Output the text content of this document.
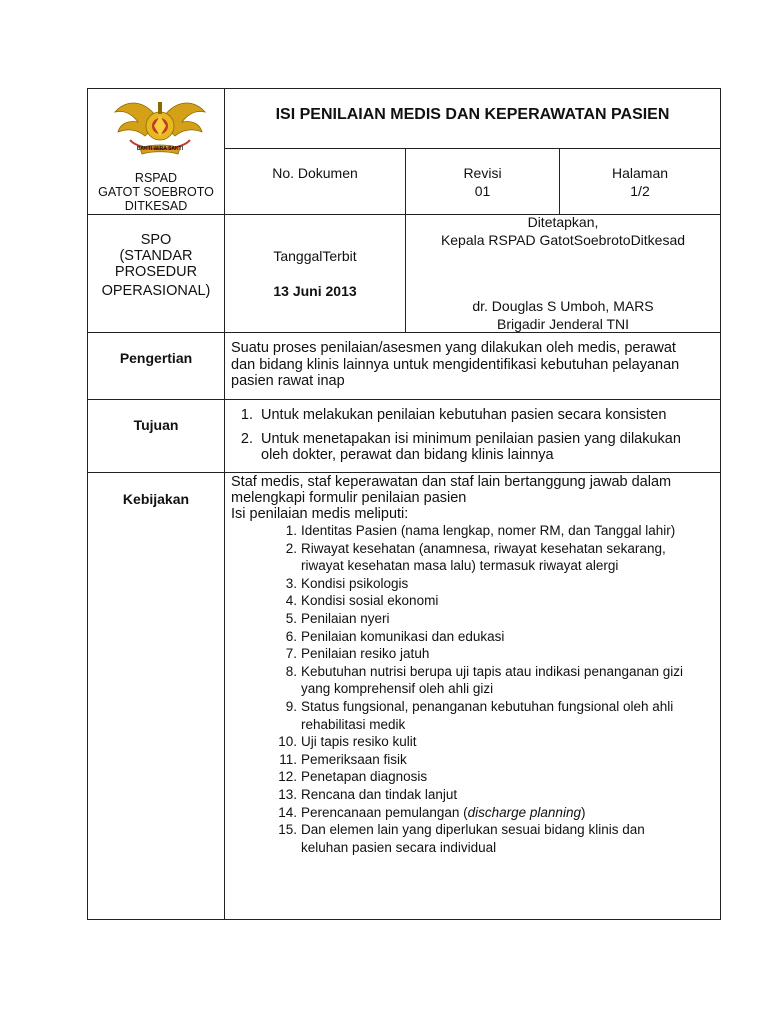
BAKTI WIRA SAKTI
RSPAD
GATOT SOEBROTO
DITKESAD
ISI PENILAIAN MEDIS DAN KEPERAWATAN PASIEN
No. Dokumen	Revisi
01
Halaman
1/2
SPO
(STANDAR
PROSEDUR
OPERASIONAL)
TanggalTerbit
13 Juni 2013
Ditetapkan,
Kepala RSPAD GatotSoebrotoDitkesad
dr. Douglas S Umboh, MARS
Brigadir Jenderal TNI
Pengertian
Suatu proses penilaian/asesmen yang dilakukan oleh medis, perawat
dan bidang klinis lainnya untuk mengidentifikasi kebutuhan pelayanan
pasien rawat inap
Tujuan
1. Untuk melakukan penilaian kebutuhan pasien secara konsisten
2. Untuk menetapakan isi minimum penilaian pasien yang dilakukan
oleh dokter, perawat dan bidang klinis lainnya
Kebijakan
Staf medis, staf keperawatan dan staf lain bertanggung jawab dalam
melengkapi formulir penilaian pasien
Isi penilaian medis meliputi:
1. Identitas Pasien (nama lengkap, nomer RM, dan Tanggal lahir)
2. Riwayat kesehatan (anamnesa, riwayat kesehatan sekarang,
riwayat kesehatan masa lalu) termasuk riwayat alergi
3. Kondisi psikologis
4. Kondisi sosial ekonomi
5. Penilaian nyeri
6. Penilaian komunikasi dan edukasi
7. Penilaian resiko jatuh
8. Kebutuhan nutrisi berupa uji tapis atau indikasi penanganan gizi
yang komprehensif oleh ahli gizi
9. Status fungsional, penanganan kebutuhan fungsional oleh ahli
rehabilitasi medik
10. Uji tapis resiko kulit
11. Pemeriksaan fisik
12. Penetapan diagnosis
13. Rencana dan tindak lanjut
14. Perencanaan pemulangan (discharge planning)
15. Dan elemen lain yang diperlukan sesuai bidang klinis dan
keluhan pasien secara individual
